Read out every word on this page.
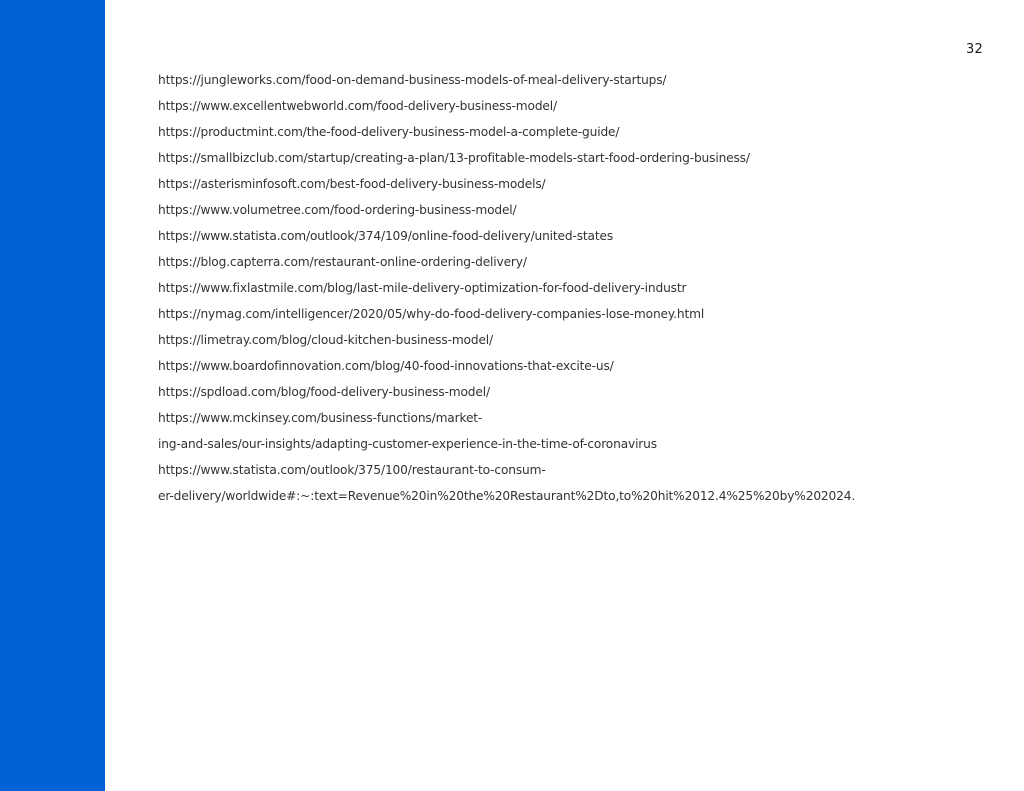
32
https://jungleworks.com/food-on-demand-business-models-of-meal-delivery-startups/
https://www.excellentwebworld.com/food-delivery-business-model/
https://productmint.com/the-food-delivery-business-model-a-complete-guide/
https://smallbizclub.com/startup/creating-a-plan/13-profitable-models-start-food-ordering-business/
https://asterisminfosoft.com/best-food-delivery-business-models/
https://www.volumetree.com/food-ordering-business-model/
https://www.statista.com/outlook/374/109/online-food-delivery/united-states
https://blog.capterra.com/restaurant-online-ordering-delivery/
https://www.fixlastmile.com/blog/last-mile-delivery-optimization-for-food-delivery-industr
https://nymag.com/intelligencer/2020/05/why-do-food-delivery-companies-lose-money.html
https://limetray.com/blog/cloud-kitchen-business-model/
https://www.boardofinnovation.com/blog/40-food-innovations-that-excite-us/
https://spdload.com/blog/food-delivery-business-model/
https://www.mckinsey.com/business-functions/market-
ing-and-sales/our-insights/adapting-customer-experience-in-the-time-of-coronavirus
https://www.statista.com/outlook/375/100/restaurant-to-consum-
er-delivery/worldwide#:~:text=Revenue%20in%20the%20Restaurant%2Dto,to%20hit%2012.4%25%20by%202024.
